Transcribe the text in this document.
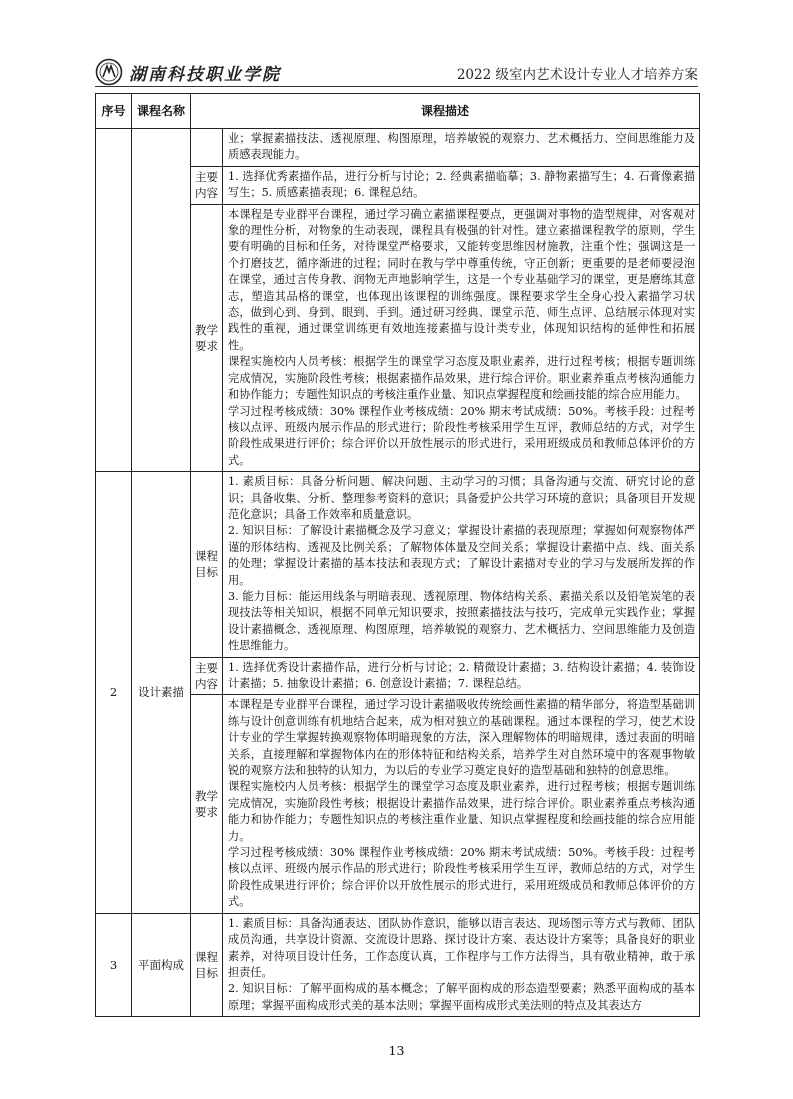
湖南科技职业学院	2022 级室内艺术设计专业人才培养方案
序号	课程名称	课程描述	

			业；掌握素描技法、透视原理、构图原理，培养敏锐的观察力、艺术概括力、空间思维能力及质感表现能力。

		主要内容	1. 选择优秀素描作品，进行分析与讨论；2. 经典素描临摹；3. 静物素描写生；4. 石膏像素描写生；5. 质感素描表现；6. 课程总结。

		教学要求	本课程是专业群平台课程，通过学习确立素描课程要点，更强调对事物的造型规律，对客观对象的理性分析，对物象的生动表现，课程具有极强的针对性。建立素描课程教学的原则，学生要有明确的目标和任务，对待课堂严格要求，又能转变思维因材施教，注重个性；强调这是一个打磨技艺，循序渐进的过程；同时在教与学中尊重传统，守正创新；更重要的是老师要浸泡在课堂，通过言传身教、润物无声地影响学生，这是一个专业基础学习的课堂，更是磨练其意志，塑造其品格的课堂，也体现出该课程的训练强度。课程要求学生全身心投入素描学习状态，做到心到、身到、眼到、手到。通过研习经典、课堂示范、师生点评、总结展示体现对实践性的重视，通过课堂训练更有效地连接素描与设计类专业，体现知识结构的延伸性和拓展性。

课程实施校内人员考核：根据学生的课堂学习态度及职业素养，进行过程考核；根据专题训练完成情况，实施阶段性考核；根据素描作品效果，进行综合评价。职业素养重点考核沟通能力和协作能力；专题性知识点的考核注重作业量、知识点掌握程度和绘画技能的综合应用能力。

学习过程考核成绩：30% 课程作业考核成绩：20% 期末考试成绩：50%。考核手段：过程考核以点评、班级内展示作品的形式进行；阶段性考核采用学生互评，教师总结的方式，对学生阶段性成果进行评价；综合评价以开放性展示的形式进行，采用班级成员和教师总体评价的方式。

2	设计素描	课程目标	1. 素质目标：具备分析问题、解决问题、主动学习的习惯；具备沟通与交流、研究讨论的意识；具备收集、分析、整理参考资料的意识；具备爱护公共学习环境的意识；具备项目开发规范化意识；具备工作效率和质量意识。

2. 知识目标：了解设计素描概念及学习意义；掌握设计素描的表现原理；掌握如何观察物体严谨的形体结构、透视及比例关系；了解物体体量及空间关系；掌握设计素描中点、线、面关系的处理；掌握设计素描的基本技法和表现方式；了解设计素描对专业的学习与发展所发挥的作用。

3. 能力目标：能运用线条与明暗表现、透视原理、物体结构关系、素描关系以及铅笔炭笔的表现技法等相关知识，根据不同单元知识要求，按照素描技法与技巧，完成单元实践作业；掌握设计素描概念、透视原理、构图原理，培养敏锐的观察力、艺术概括力、空间思维能力及创造性思维能力。

		主要内容	1. 选择优秀设计素描作品，进行分析与讨论；2. 精微设计素描；3. 结构设计素描；4. 装饰设计素描；5. 抽象设计素描；6. 创意设计素描；7. 课程总结。

		教学要求	本课程是专业群平台课程，通过学习设计素描吸收传统绘画性素描的精华部分，将造型基础训练与设计创意训练有机地结合起来，成为相对独立的基础课程。通过本课程的学习，使艺术设计专业的学生掌握转换观察物体明暗现象的方法，深入理解物体的明暗规律，透过表面的明暗关系，直接理解和掌握物体内在的形体特征和结构关系，培养学生对自然环境中的客观事物敏锐的观察方法和独特的认知力，为以后的专业学习奠定良好的造型基础和独特的创意思维。

课程实施校内人员考核：根据学生的课堂学习态度及职业素养，进行过程考核；根据专题训练完成情况，实施阶段性考核；根据设计素描作品效果，进行综合评价。职业素养重点考核沟通能力和协作能力；专题性知识点的考核注重作业量、知识点掌握程度和绘画技能的综合应用能力。

学习过程考核成绩：30% 课程作业考核成绩：20% 期末考试成绩：50%。考核手段：过程考核以点评、班级内展示作品的形式进行；阶段性考核采用学生互评，教师总结的方式，对学生阶段性成果进行评价；综合评价以开放性展示的形式进行，采用班级成员和教师总体评价的方式。

3	平面构成	课程目标	1. 素质目标：具备沟通表达、团队协作意识，能够以语言表达、现场图示等方式与教师、团队成员沟通，共享设计资源、交流设计思路、探讨设计方案、表达设计方案等；具备良好的职业素养，对待项目设计任务，工作态度认真，工作程序与工作方法得当，具有敬业精神，敢于承担责任。

2. 知识目标：了解平面构成的基本概念；了解平面构成的形态造型要素；熟悉平面构成的基本原理；掌握平面构成形式美的基本法则；掌握平面构成形式美法则的特点及其表达方

13
